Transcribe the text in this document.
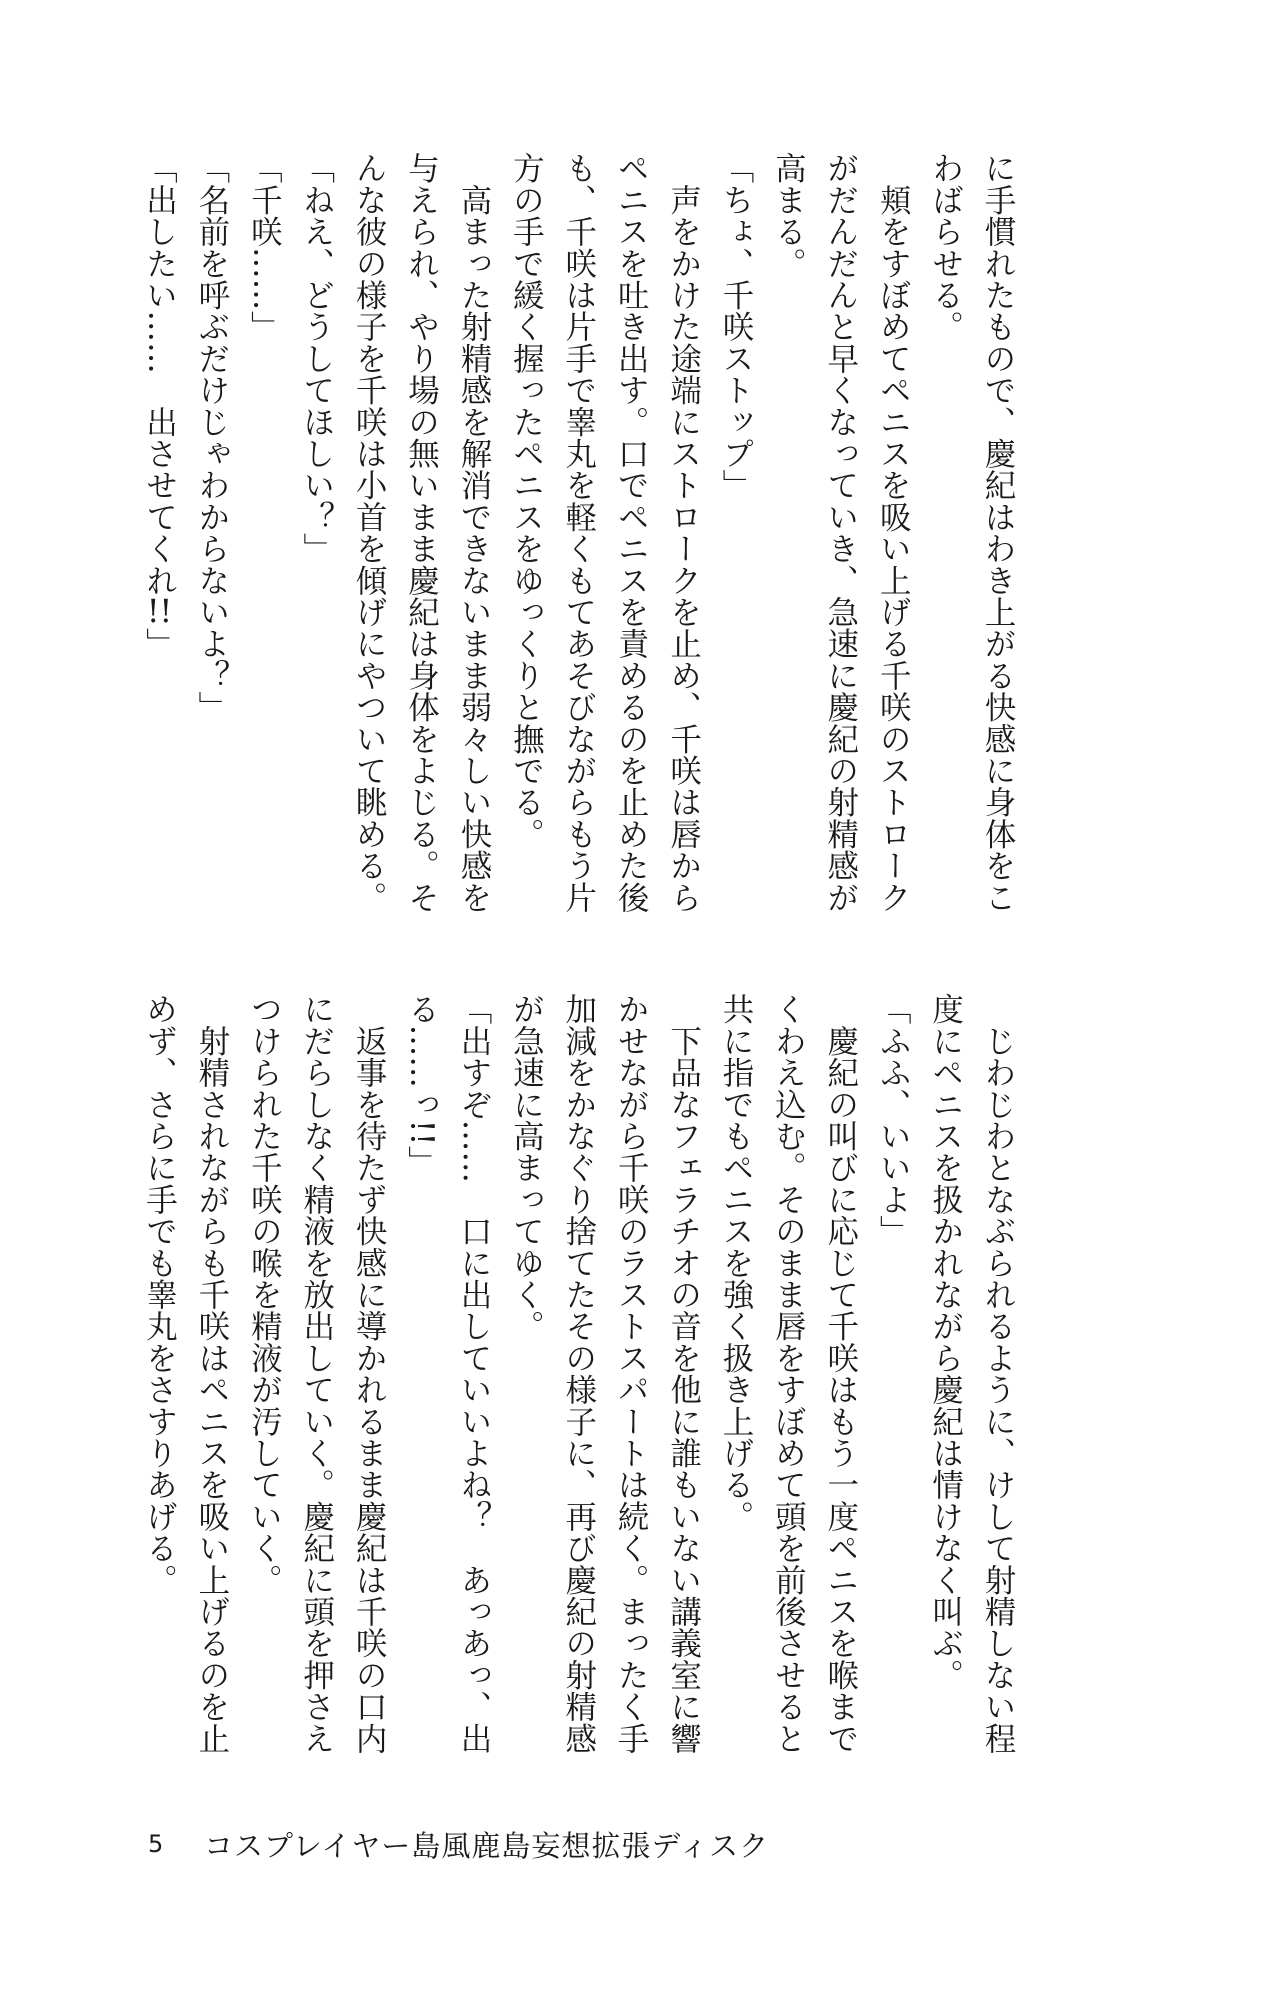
に手慣れたもので、慶紀はわき上がる快感に身体をこ
わばらせる。
　頬をすぼめてペニスを吸い上げる千咲のストローク
がだんだんと早くなっていき、急速に慶紀の射精感が
高まる。
「ちょ、千咲ストップ」
　声をかけた途端にストロークを止め、千咲は唇から
ペニスを吐き出す。口でペニスを責めるのを止めた後
も、千咲は片手で睾丸を軽くもてあそびながらもう片
方の手で緩く握ったペニスをゆっくりと撫でる。
　高まった射精感を解消できないまま弱々しい快感を
与えられ、やり場の無いまま慶紀は身体をよじる。そ
んな彼の様子を千咲は小首を傾げにやついて眺める。
「ねえ、どうしてほしい？」
「千咲……」
「名前を呼ぶだけじゃわからないよ？」
「出したい……　出させてくれ!!」
　じわじわとなぶられるように、けして射精しない程
度にペニスを扱かれながら慶紀は情けなく叫ぶ。
「ふふ、いいよ」
　慶紀の叫びに応じて千咲はもう一度ペニスを喉まで
くわえ込む。そのまま唇をすぼめて頭を前後させると
共に指でもペニスを強く扱き上げる。
　下品なフェラチオの音を他に誰もいない講義室に響
かせながら千咲のラストスパートは続く。まったく手
加減をかなぐり捨てたその様子に、再び慶紀の射精感
が急速に高まってゆく。
「出すぞ……　口に出していいよね？　あっあっ、出
る……っ!!」
　返事を待たず快感に導かれるまま慶紀は千咲の口内
にだらしなく精液を放出していく。慶紀に頭を押さえ
つけられた千咲の喉を精液が汚していく。
　射精されながらも千咲はペニスを吸い上げるのを止
めず、さらに手でも睾丸をさすりあげる。
5	コスプレイヤー島風鹿島妄想拡張ディスク
